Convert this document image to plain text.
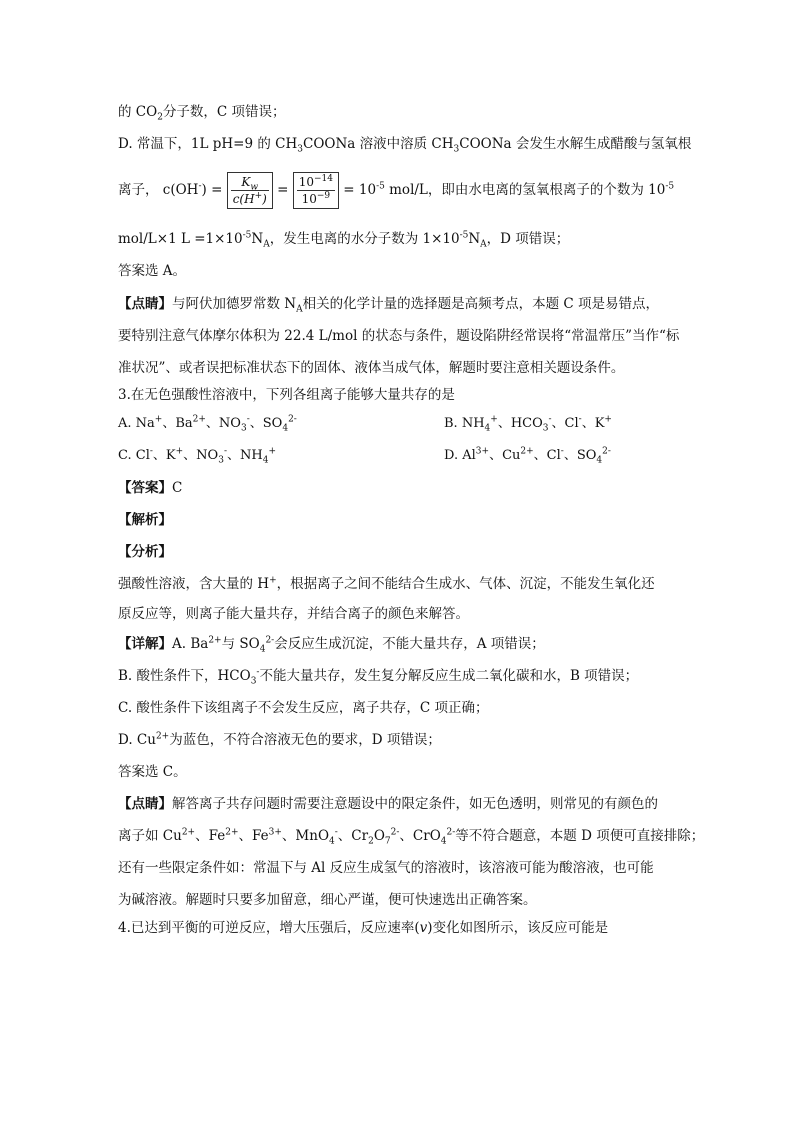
的 $CO_2$分子数，C 项错误；
D. 常温下，1L pH=9 的 $CH_3COONa$ 溶液中溶质 $CH_3COONa$ 会发生水解生成醋酸与氢氧根
离子， $c(OH^-) = \frac{K_w}{c(H^+)} = \frac{10^{-14}}{10^{-9}} = 10^{-5}$ mol/L，即由水电离的氢氧根离子的个数为 $10^{-5}$
mol/L×1 $L =1\times 10^{-5}N_A$，发生电离的水分子数为 $1\times 10^{-5}N_A$，D 项错误；
答案选 A。
【点睛】与阿伏加德罗常数 $N_A$相关的化学计量的选择题是高频考点，本题 C 项是易错点，
要特别注意气体摩尔体积为 22.4 L/mol 的状态与条件，题设陷阱经常误将“常温常压”当作“标
准状况”、或者误把标准状态下的固体、液体当成气体，解题时要注意相关题设条件。
3.在无色强酸性溶液中，下列各组离子能够大量共存的是
A. Na+、$Ba^{2+}$、$NO_3^-$、$SO_4^{2-}$	B. $NH_4^+$、$HCO_3^-$、Cl-、K+
C. Cl-、K+、$NO_3^-$、$NH_4^+$	D. $Al^{3+}$、$Cu^{2+}$、Cl-、$SO_4^{2-}$
【答案】C
【解析】
【分析】
强酸性溶液，含大量的 H+，根据离子之间不能结合生成水、气体、沉淀，不能发生氧化还
原反应等，则离子能大量共存，并结合离子的颜色来解答。
【详解】A. $Ba^{2+}$与 $SO_4^{2-}$会反应生成沉淀，不能大量共存，A 项错误；
B. 酸性条件下，$HCO_3^-$不能大量共存，发生复分解反应生成二氧化碳和水，B 项错误；
C. 酸性条件下该组离子不会发生反应，离子共存，C 项正确；
D. $Cu^{2+}$为蓝色，不符合溶液无色的要求，D 项错误；
答案选 C。
【点睛】解答离子共存问题时需要注意题设中的限定条件，如无色透明，则常见的有颜色的
离子如 $Cu^{2+}$、$Fe^{2+}$、$Fe^{3+}$、MnO$_4$-、$Cr_2O_7^{2-}$、CrO$_4^{2-}$等不符合题意，本题 D 项便可直接排除；
还有一些限定条件如：常温下与 Al 反应生成氢气的溶液时，该溶液可能为酸溶液，也可能
为碱溶液。解题时只要多加留意，细心严谨，便可快速选出正确答案。
4.已达到平衡的可逆反应，增大压强后，反应速率(v)变化如图所示，该反应可能是
